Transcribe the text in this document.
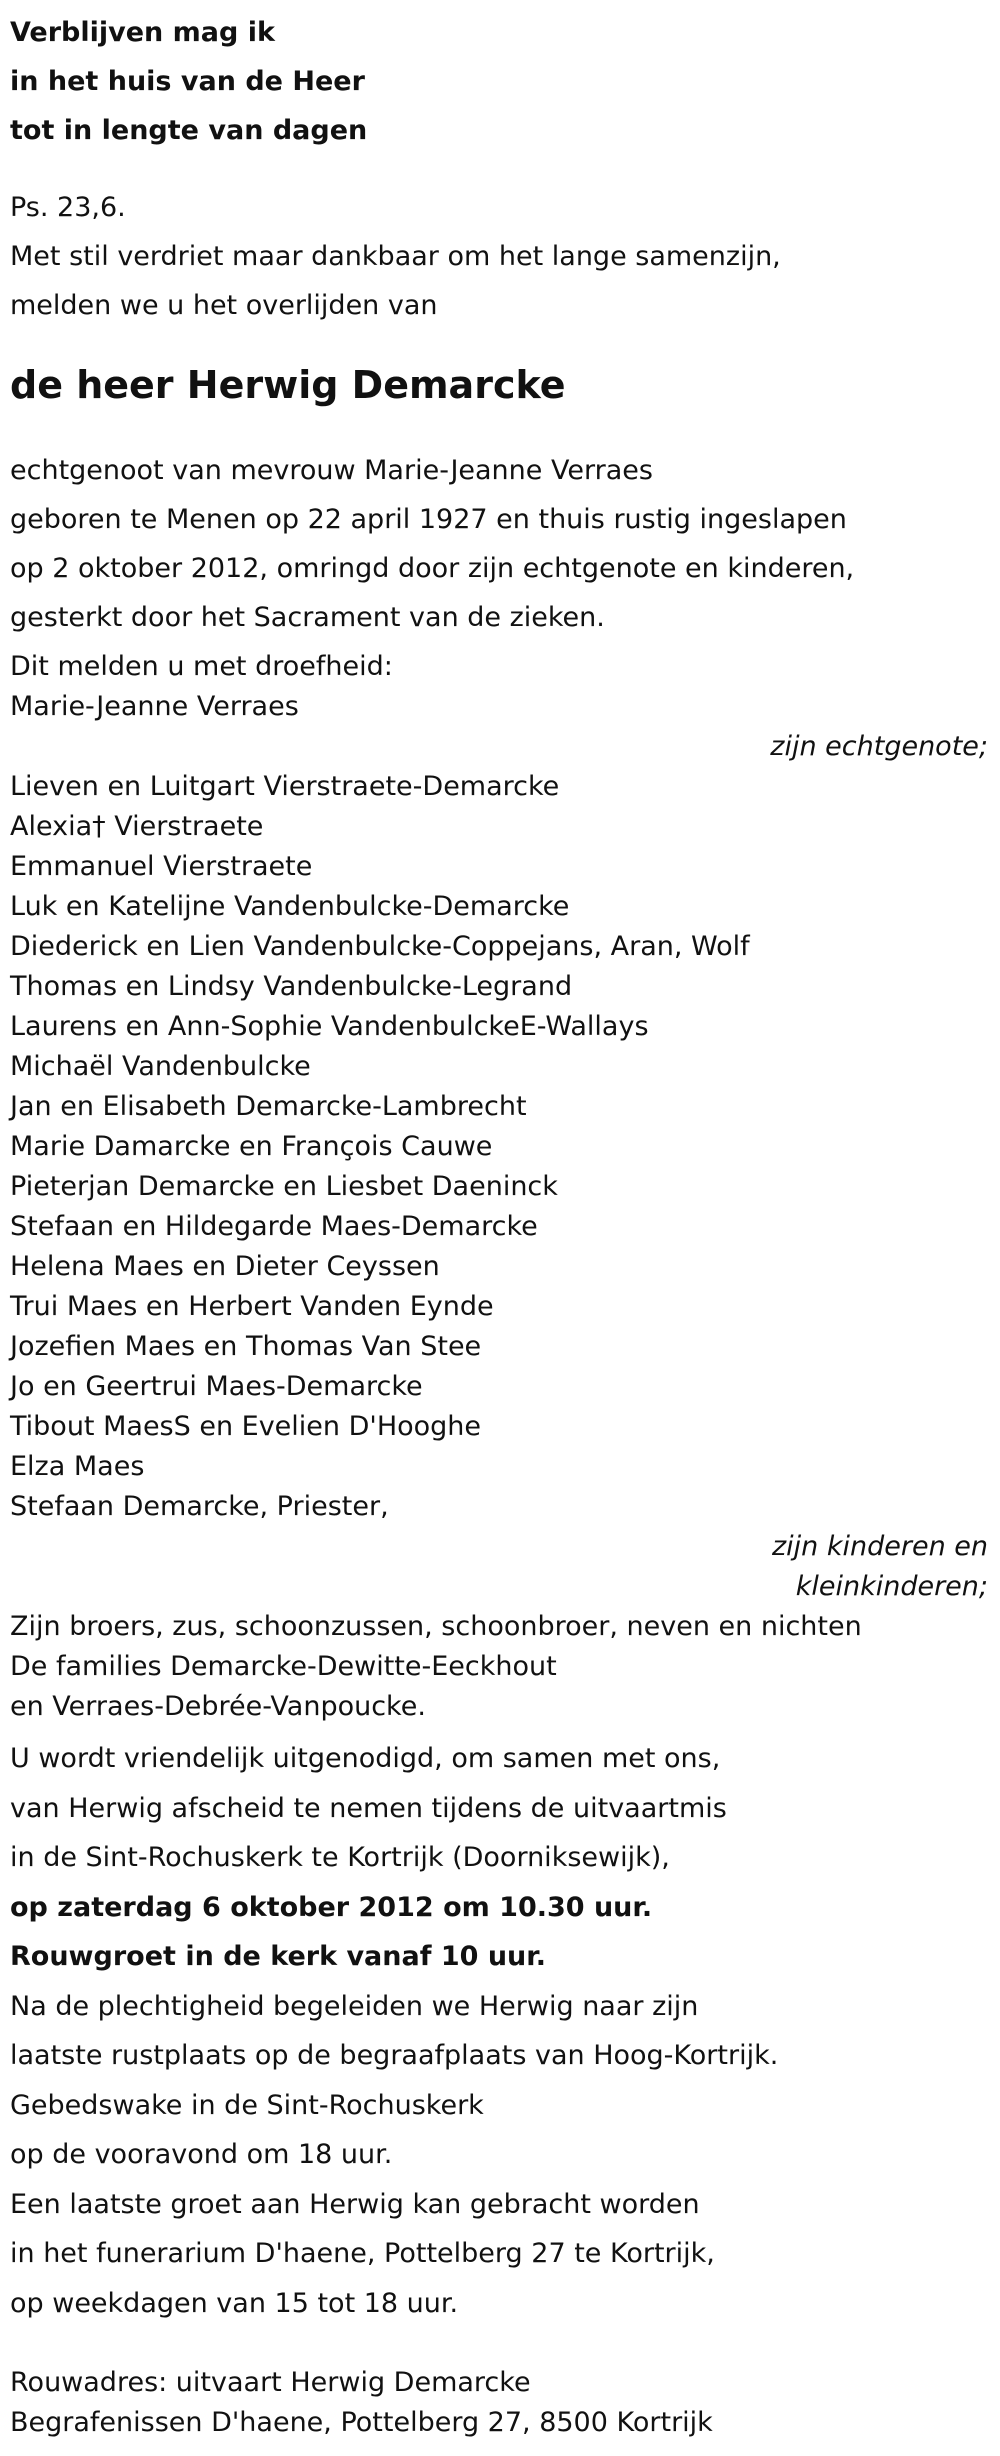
Verblijven mag ik
in het huis van de Heer
tot in lengte van dagen
Ps. 23,6.
Met stil verdriet maar dankbaar om het lange samenzijn,
melden we u het overlijden van
de heer Herwig Demarcke
echtgenoot van mevrouw Marie-Jeanne Verraes
geboren te Menen op 22 april 1927 en thuis rustig ingeslapen
op 2 oktober 2012, omringd door zijn echtgenote en kinderen,
gesterkt door het Sacrament van de zieken.
Dit melden u met droefheid:
Marie-Jeanne Verraes
zijn echtgenote;
Lieven en Luitgart Vierstraete-Demarcke
Alexia† Vierstraete
Emmanuel Vierstraete
Luk en Katelijne Vandenbulcke-Demarcke
Diederick en Lien Vandenbulcke-Coppejans, Aran, Wolf
Thomas en Lindsy Vandenbulcke-Legrand
Laurens en Ann-Sophie VandenbulckeE-Wallays
Michaël Vandenbulcke
Jan en Elisabeth Demarcke-Lambrecht
Marie Damarcke en François Cauwe
Pieterjan Demarcke en Liesbet Daeninck
Stefaan en Hildegarde Maes-Demarcke
Helena Maes en Dieter Ceyssen
Trui Maes en Herbert Vanden Eynde
Jozefien Maes en Thomas Van Stee
Jo en Geertrui Maes-Demarcke
Tibout MaesS en Evelien D'Hooghe
Elza Maes
Stefaan Demarcke, Priester,
zijn kinderen en
kleinkinderen;
Zijn broers, zus, schoonzussen, schoonbroer, neven en nichten
De families Demarcke-Dewitte-Eeckhout
en Verraes-Debrée-Vanpoucke.
U wordt vriendelijk uitgenodigd, om samen met ons,
van Herwig afscheid te nemen tijdens de uitvaartmis
in de Sint-Rochuskerk te Kortrijk (Doorniksewijk),
op zaterdag 6 oktober 2012 om 10.30 uur.
Rouwgroet in de kerk vanaf 10 uur.
Na de plechtigheid begeleiden we Herwig naar zijn
laatste rustplaats op de begraafplaats van Hoog-Kortrijk.
Gebedswake in de Sint-Rochuskerk
op de vooravond om 18 uur.
Een laatste groet aan Herwig kan gebracht worden
in het funerarium D'haene, Pottelberg 27 te Kortrijk,
op weekdagen van 15 tot 18 uur.
Rouwadres: uitvaart Herwig Demarcke
Begrafenissen D'haene, Pottelberg 27, 8500 Kortrijk
